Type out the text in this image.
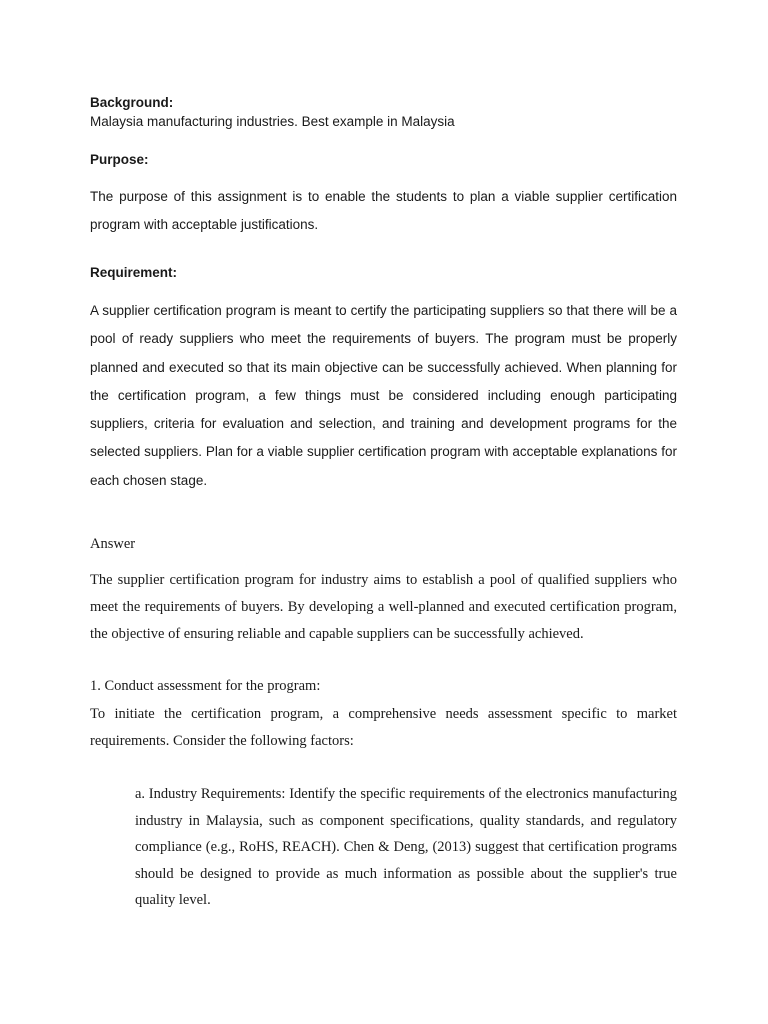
Background:

Malaysia manufacturing industries. Best example in Malaysia

Purpose:

The purpose of this assignment is to enable the students to plan a viable supplier certification program with acceptable justifications.

Requirement:

A supplier certification program is meant to certify the participating suppliers so that there will be a pool of ready suppliers who meet the requirements of buyers. The program must be properly planned and executed so that its main objective can be successfully achieved. When planning for the certification program, a few things must be considered including enough participating suppliers, criteria for evaluation and selection, and training and development programs for the selected suppliers. Plan for a viable supplier certification program with acceptable explanations for each chosen stage.

Answer

The supplier certification program for industry aims to establish a pool of qualified suppliers who meet the requirements of buyers. By developing a well-planned and executed certification program, the objective of ensuring reliable and capable suppliers can be successfully achieved.

1. Conduct assessment for the program:

To initiate the certification program, a comprehensive needs assessment specific to market requirements. Consider the following factors:

a. Industry Requirements: Identify the specific requirements of the electronics manufacturing industry in Malaysia, such as component specifications, quality standards, and regulatory compliance (e.g., RoHS, REACH). Chen & Deng, (2013) suggest that certification programs should be designed to provide as much information as possible about the supplier's true quality level.
